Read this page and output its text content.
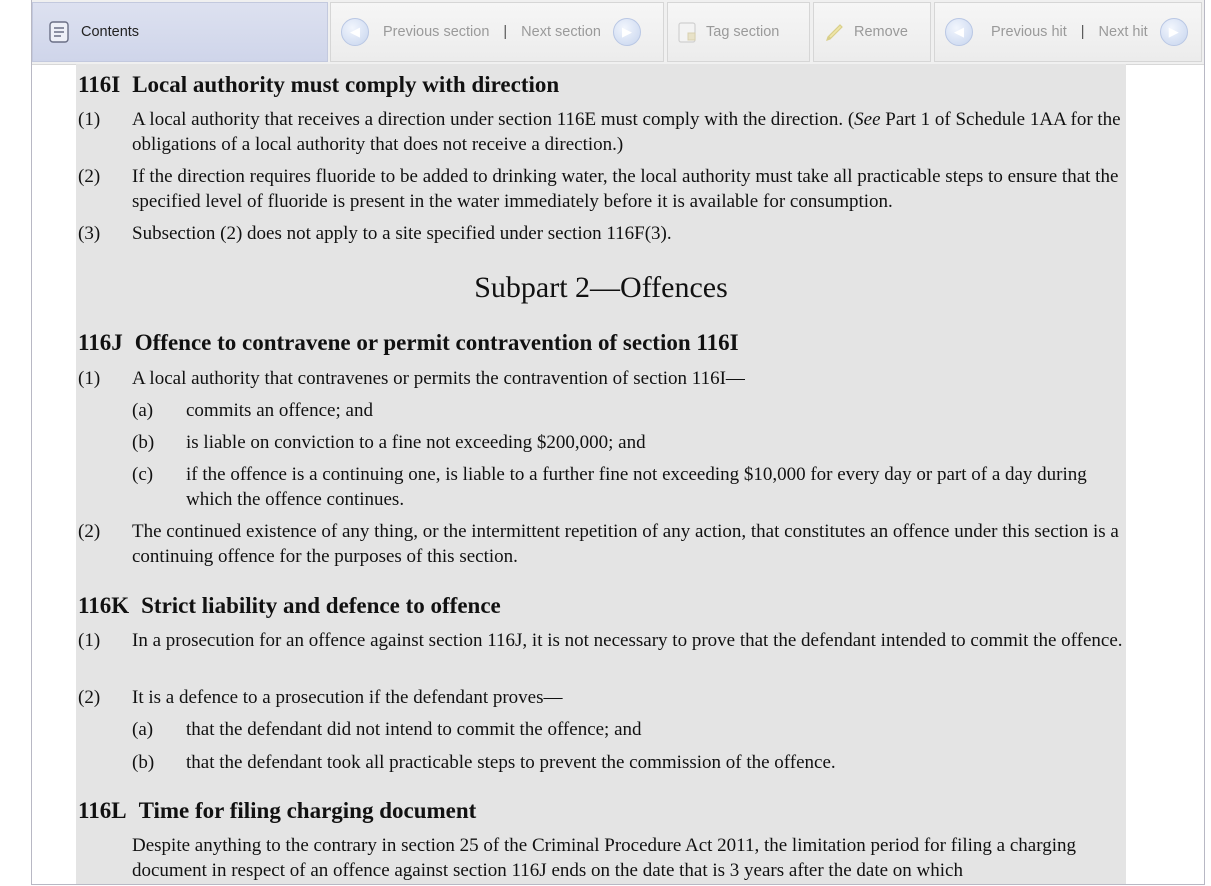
Contents	◀	Previous section | Next section	▶	Tag section	Remove	◀	Previous hit | Next hit	▶
116I Local authority must comply with direction
(1) A local authority that receives a direction under section 116E must comply with the direction. (See Part 1 of Schedule 1AA for the obligations of a local authority that does not receive a direction.)
(2) If the direction requires fluoride to be added to drinking water, the local authority must take all practicable steps to ensure that the specified level of fluoride is present in the water immediately before it is available for consumption.
(3) Subsection (2) does not apply to a site specified under section 116F(3).
Subpart 2—Offences
116J Offence to contravene or permit contravention of section 116I
(1) A local authority that contravenes or permits the contravention of section 116I—
(a) commits an offence; and
(b) is liable on conviction to a fine not exceeding $200,000; and
(c) if the offence is a continuing one, is liable to a further fine not exceeding $10,000 for every day or part of a day during which the offence continues.
(2) The continued existence of any thing, or the intermittent repetition of any action, that constitutes an offence under this section is a continuing offence for the purposes of this section.
116K Strict liability and defence to offence
(1) In a prosecution for an offence against section 116J, it is not necessary to prove that the defendant intended to commit the offence.
(2) It is a defence to a prosecution if the defendant proves—
(a) that the defendant did not intend to commit the offence; and
(b) that the defendant took all practicable steps to prevent the commission of the offence.
116L Time for filing charging document
Despite anything to the contrary in section 25 of the Criminal Procedure Act 2011, the limitation period for filing a charging document in respect of an offence against section 116J ends on the date that is 3 years after the date on which
